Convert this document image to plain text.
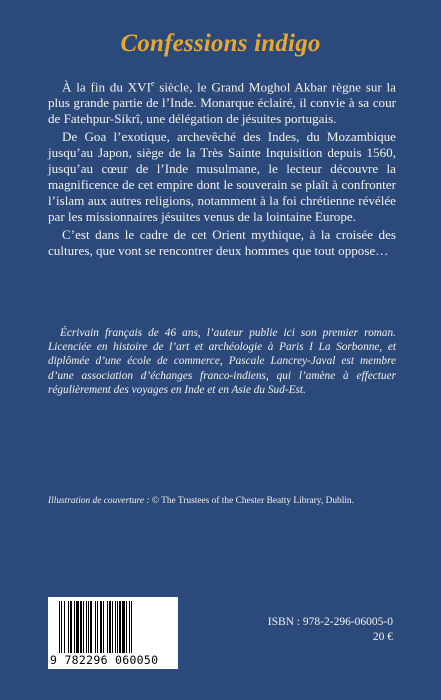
Confessions indigo

À la fin du XVIe siècle, le Grand Moghol Akbar règne sur la plus grande partie de l’Inde. Monarque éclairé, il convie à sa cour de Fatehpur-Sikrî, une délégation de jésuites portugais.

De Goa l’exotique, archevêché des Indes, du Mozambique jusqu’au Japon, siège de la Très Sainte Inquisition depuis 1560, jusqu’au cœur de l’Inde musulmane, le lecteur découvre la magnificence de cet empire dont le souverain se plaît à confronter l’islam aux autres religions, notamment à la foi chrétienne révélée par les missionnaires jésuites venus de la lointaine Europe.

C’est dans le cadre de cet Orient mythique, à la croisée des cultures, que vont se rencontrer deux hommes que tout oppose…

Écrivain français de 46 ans, l’auteur publie ici son premier roman. Licenciée en histoire de l’art et archéologie à Paris I La Sorbonne, et diplômée d’une école de commerce, Pascale Lancrey-Javal est membre d’une association d’échanges franco-indiens, qui l’amène à effectuer régulièrement des voyages en Inde et en Asie du Sud-Est.
Illustration de couverture : © The Trustees of the Chester Beatty Library, Dublin.
9 782296 060050
ISBN : 978-2-296-06005-0
20 €
